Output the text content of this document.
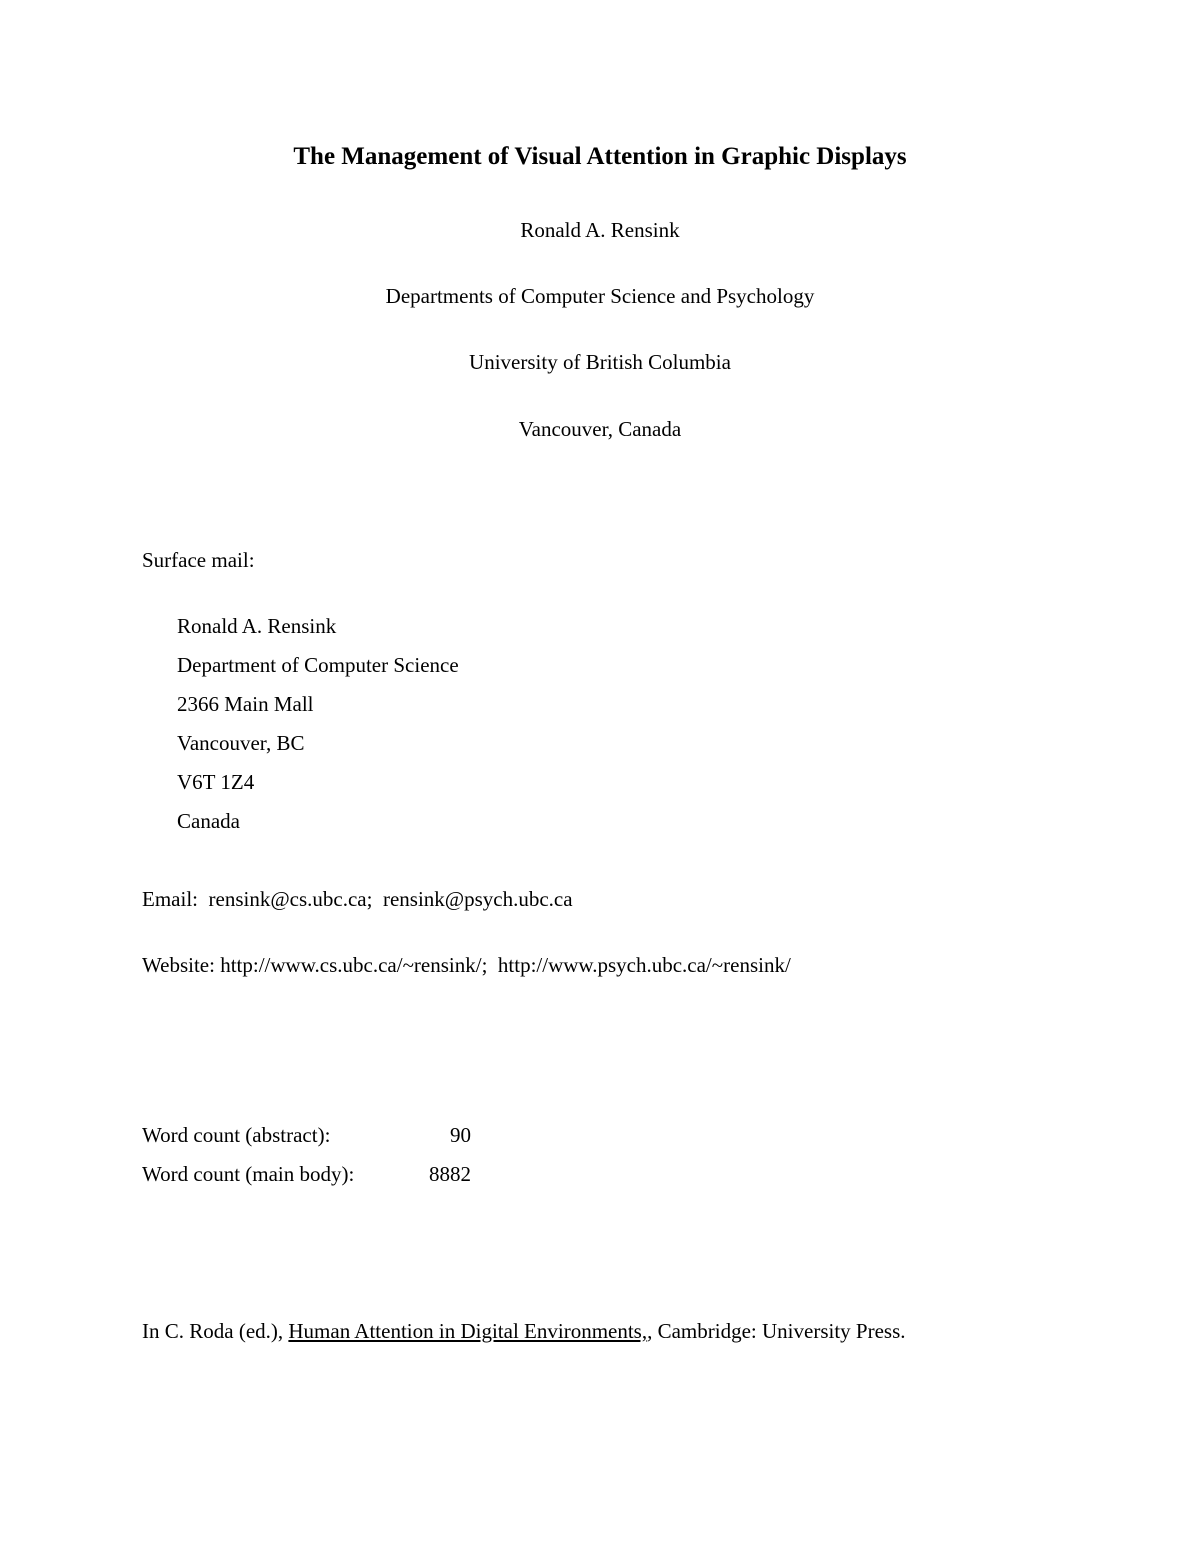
The Management of Visual Attention in Graphic Displays
Ronald A. Rensink
Departments of Computer Science and Psychology
University of British Columbia
Vancouver, Canada
Surface mail:
Ronald A. Rensink
Department of Computer Science
2366 Main Mall
Vancouver, BC
V6T 1Z4
Canada
Email: rensink@cs.ubc.ca; rensink@psych.ubc.ca
Website: http://www.cs.ubc.ca/~rensink/; http://www.psych.ubc.ca/~rensink/
Word count (abstract):	90
Word count (main body):	8882
In C. Roda (ed.), Human Attention in Digital Environments,, Cambridge: University Press.
